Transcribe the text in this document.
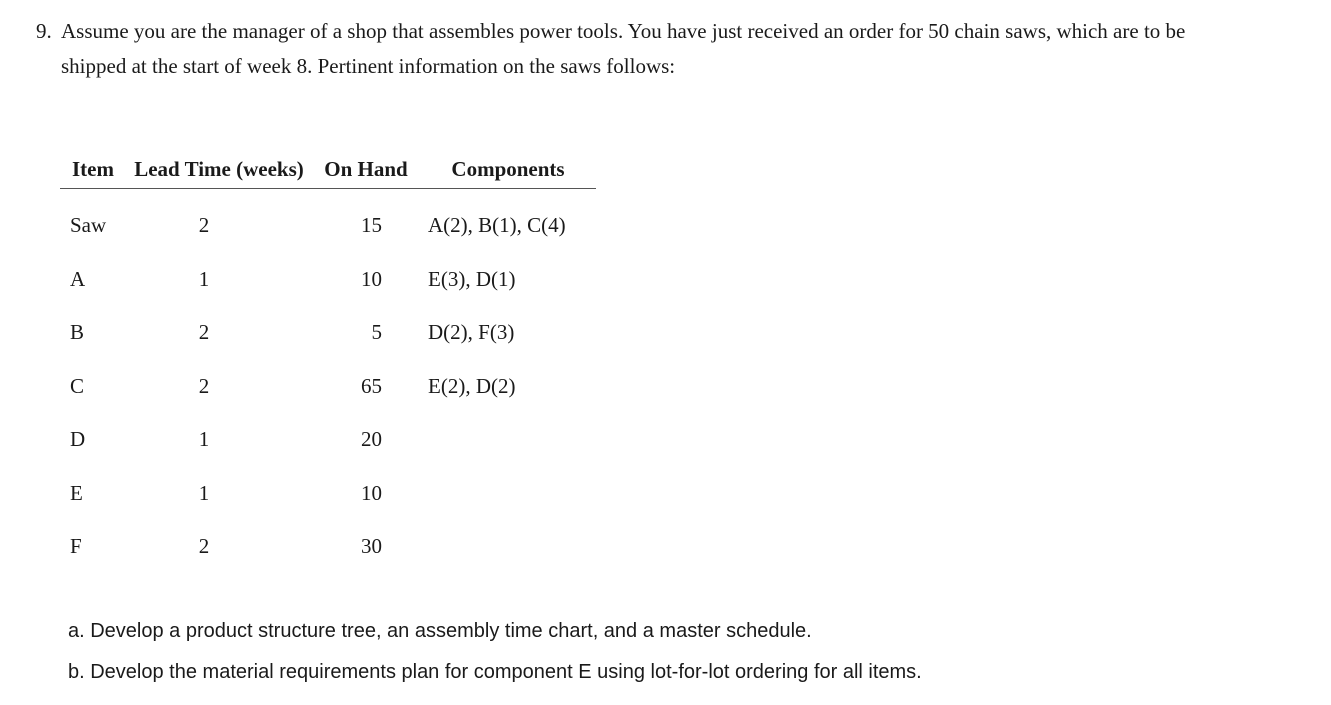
9. Assume you are the manager of a shop that assembles power tools. You have just received an order for 50 chain saws, which are to be
shipped at the start of week 8. Pertinent information on the saws follows:
Item	Lead Time (weeks)	On Hand	Components
Saw	2	15	A(2), B(1), C(4)
A	1	10	E(3), D(1)
B	2	5	D(2), F(3)
C	2	65	E(2), D(2)
D	1	20	
E	1	10	
F	2	30	
a. Develop a product structure tree, an assembly time chart, and a master schedule.
b. Develop the material requirements plan for component E using lot-for-lot ordering for all items.
